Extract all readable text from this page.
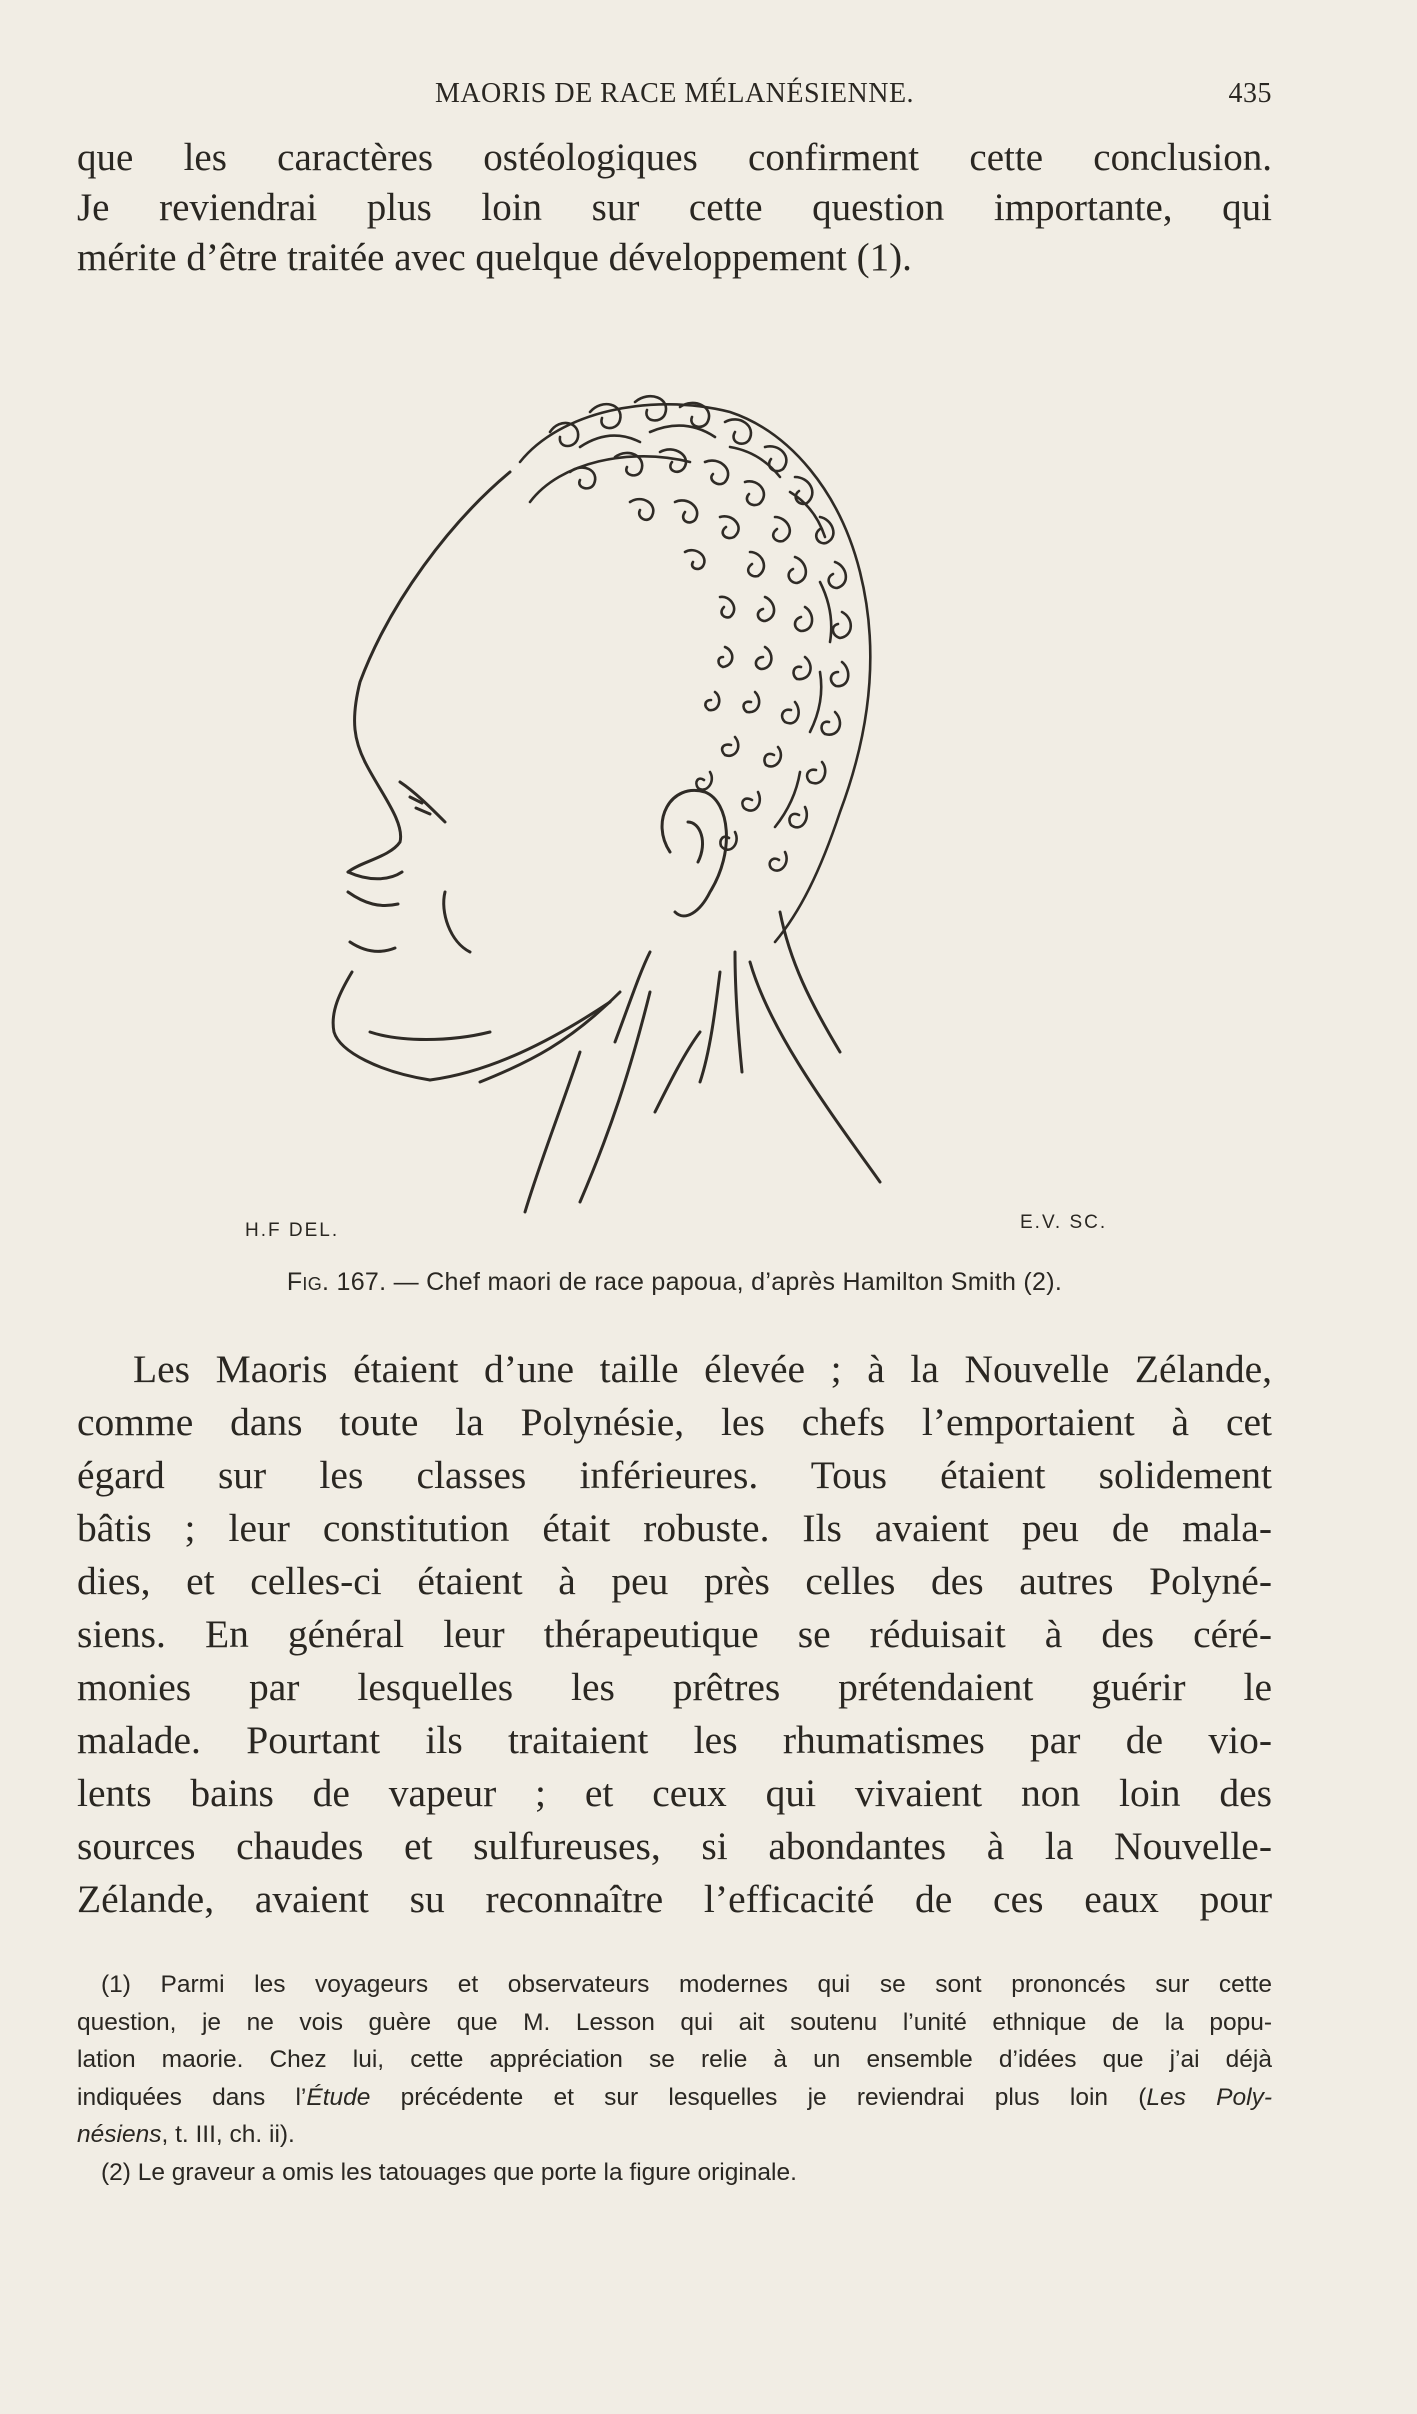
MAORIS DE RACE MÉLANÉSIENNE.	435

que les caractères ostéologiques confirment cette conclusion.
Je reviendrai plus loin sur cette question importante, qui
mérite d’être traitée avec quelque développement (1).

H.F DEL.	E.V. SC.
Fig. 167. — Chef maori de race papoua, d’après Hamilton Smith (2).

Les Maoris étaient d’une taille élevée ; à la Nouvelle Zélande,
comme dans toute la Polynésie, les chefs l’emportaient à cet
égard sur les classes inférieures. Tous étaient solidement
bâtis ; leur constitution était robuste. Ils avaient peu de mala-
dies, et celles-ci étaient à peu près celles des autres Polyné-
siens. En général leur thérapeutique se réduisait à des céré-
monies par lesquelles les prêtres prétendaient guérir le
malade. Pourtant ils traitaient les rhumatismes par de vio-
lents bains de vapeur ; et ceux qui vivaient non loin des
sources chaudes et sulfureuses, si abondantes à la Nouvelle-
Zélande, avaient su reconnaître l’efficacité de ces eaux pour

(1) Parmi les voyageurs et observateurs modernes qui se sont prononcés sur cette
question, je ne vois guère que M. Lesson qui ait soutenu l’unité ethnique de la popu-
lation maorie. Chez lui, cette appréciation se relie à un ensemble d’idées que j’ai déjà
indiquées dans l’Étude précédente et sur lesquelles je reviendrai plus loin (Les Poly-
nésiens, t. III, ch. ii).
(2) Le graveur a omis les tatouages que porte la figure originale.
